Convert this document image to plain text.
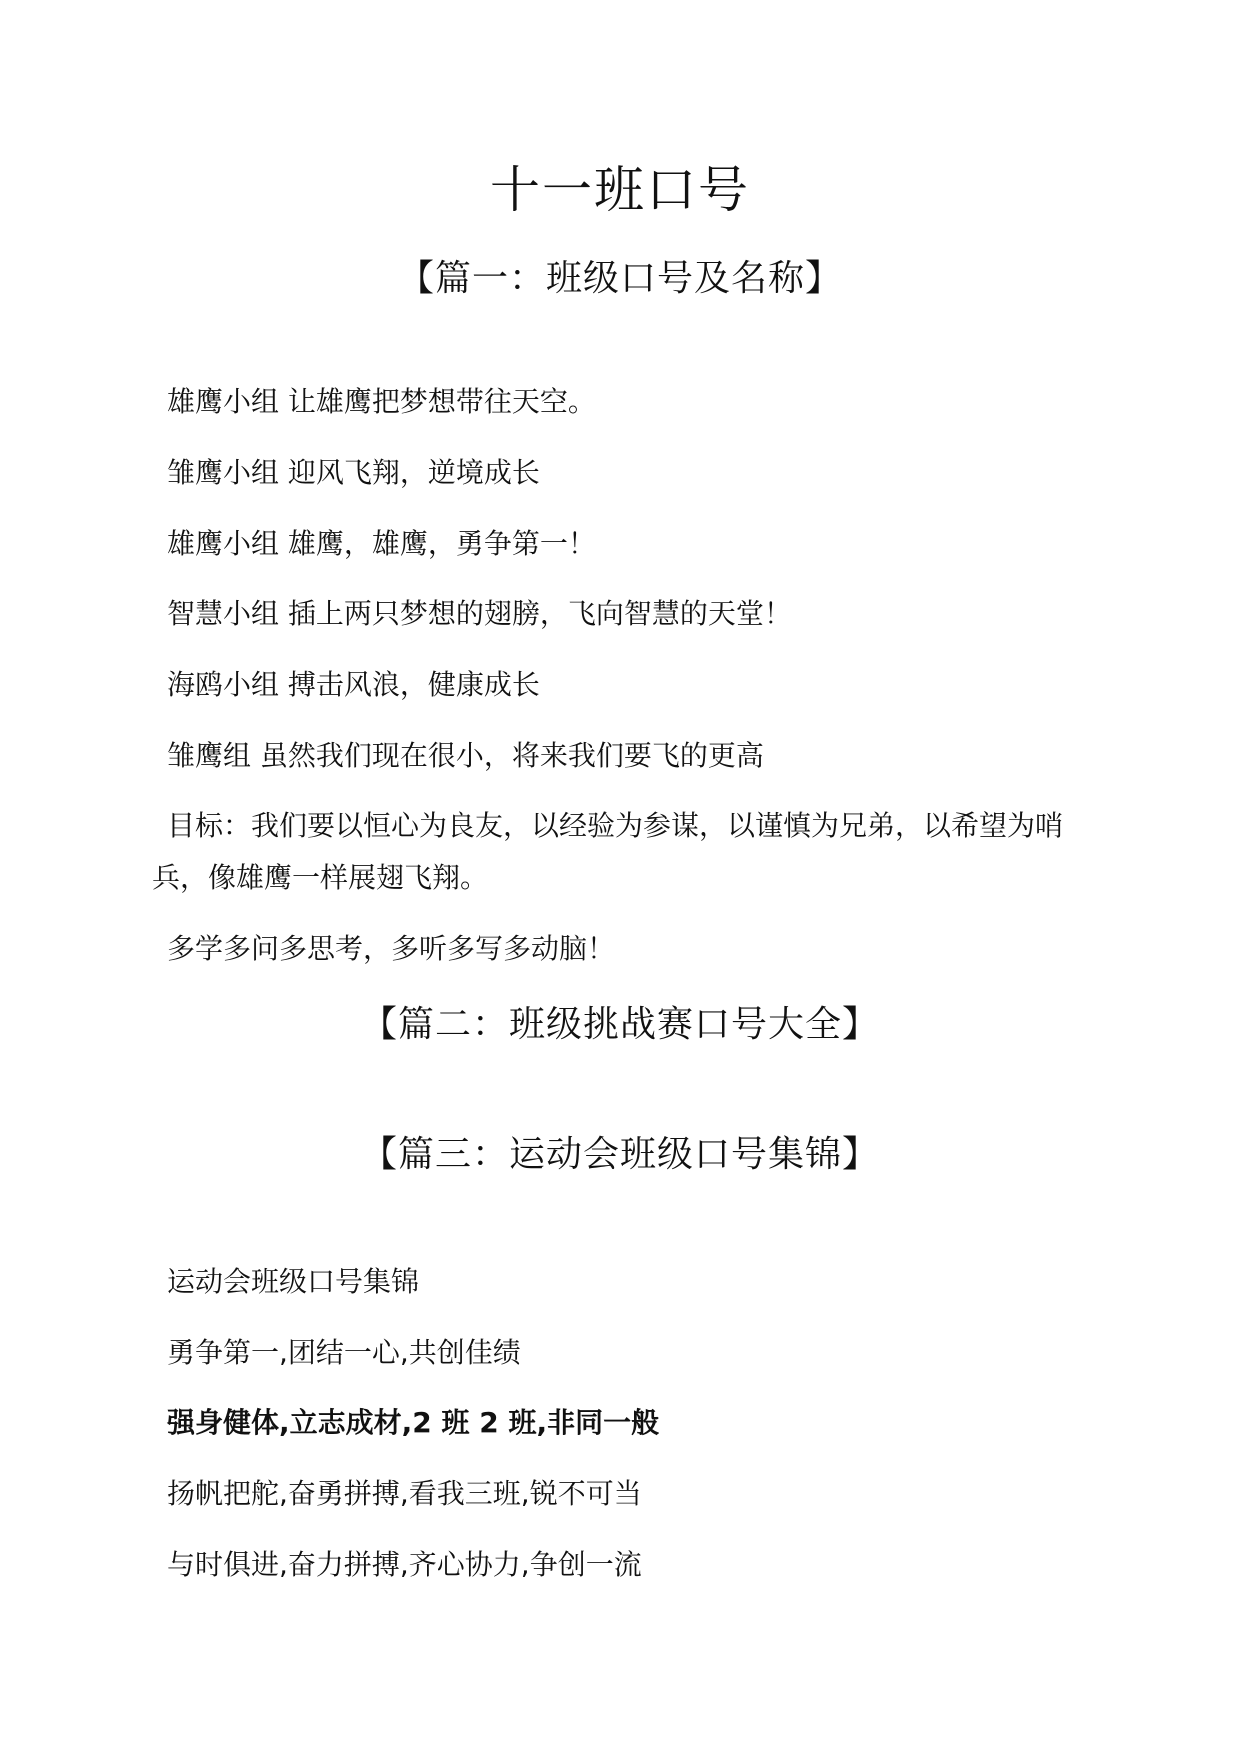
十一班口号
【篇一：班级口号及名称】
雄鹰小组 让雄鹰把梦想带往天空。
雏鹰小组 迎风飞翔，逆境成长
雄鹰小组 雄鹰，雄鹰，勇争第一！
智慧小组 插上两只梦想的翅膀，飞向智慧的天堂！
海鸥小组 搏击风浪，健康成长
雏鹰组 虽然我们现在很小，将来我们要飞的更高
目标：我们要以恒心为良友，以经验为参谋，以谨慎为兄弟，以希望为哨兵，像雄鹰一样展翅飞翔。
多学多问多思考，多听多写多动脑！
【篇二：班级挑战赛口号大全】
【篇三：运动会班级口号集锦】
运动会班级口号集锦
勇争第一,团结一心,共创佳绩
强身健体,立志成材,2 班 2 班,非同一般
扬帆把舵,奋勇拼搏,看我三班,锐不可当
与时俱进,奋力拼搏,齐心协力,争创一流
